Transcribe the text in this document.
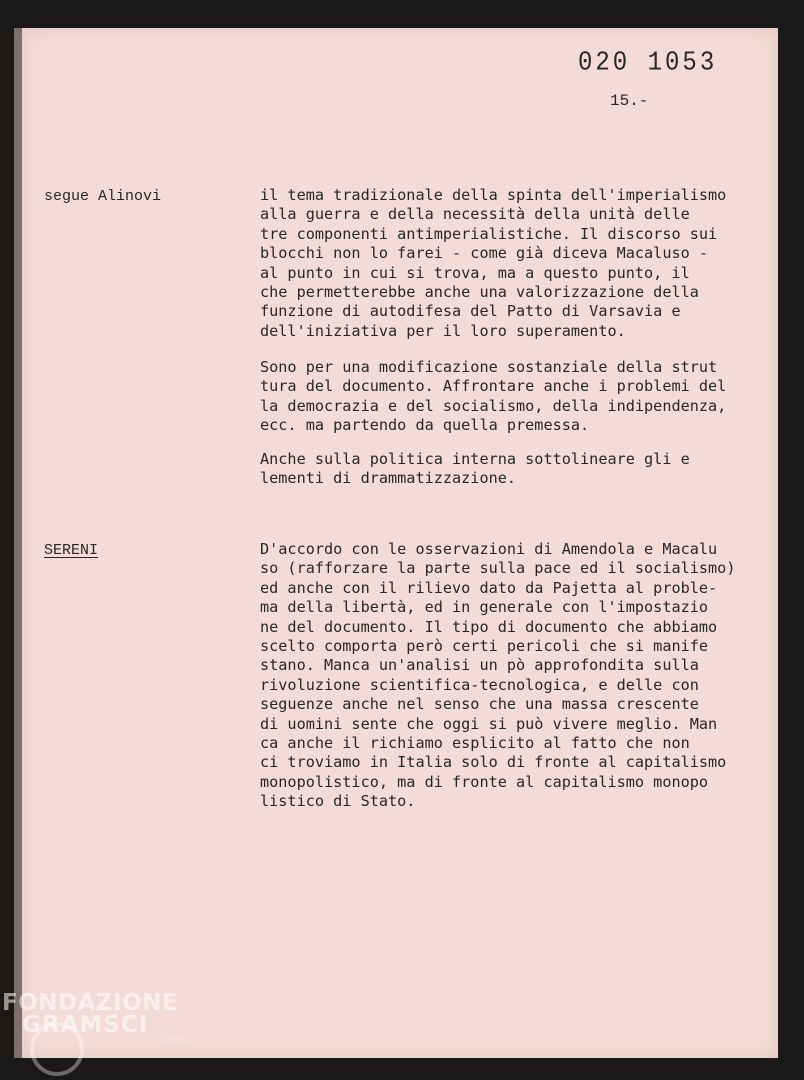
020 1053
15.-
segue Alinovi	il tema tradizionale della spinta dell'imperialismo
alla guerra e della necessità della unità delle
tre componenti antimperialistiche. Il discorso sui
blocchi non lo farei - come già diceva Macaluso -
al punto in cui si trova, ma a questo punto, il
che permetterebbe anche una valorizzazione della
funzione di autodifesa del Patto di Varsavia e
dell'iniziativa per il loro superamento.
Sono per una modificazione sostanziale della strut
tura del documento. Affrontare anche i problemi del
la democrazia e del socialismo, della indipendenza,
ecc. ma partendo da quella premessa.
Anche sulla politica interna sottolineare gli e
lementi di drammatizzazione.
SERENI	D'accordo con le osservazioni di Amendola e Macalu
so (rafforzare la parte sulla pace ed il socialismo)
ed anche con il rilievo dato da Pajetta al proble-
ma della libertà, ed in generale con l'impostazio
ne del documento. Il tipo di documento che abbiamo
scelto comporta però certi pericoli che si manife
stano. Manca un'analisi un pò approfondita sulla
rivoluzione scientifica-tecnologica, e delle con
seguenze anche nel senso che una massa crescente
di uomini sente che oggi si può vivere meglio. Man
ca anche il richiamo esplicito al fatto che non
ci troviamo in Italia solo di fronte al capitalismo
monopolistico, ma di fronte al capitalismo monopo
listico di Stato.
FONDAZIONE
GRAMSCI
onlus
